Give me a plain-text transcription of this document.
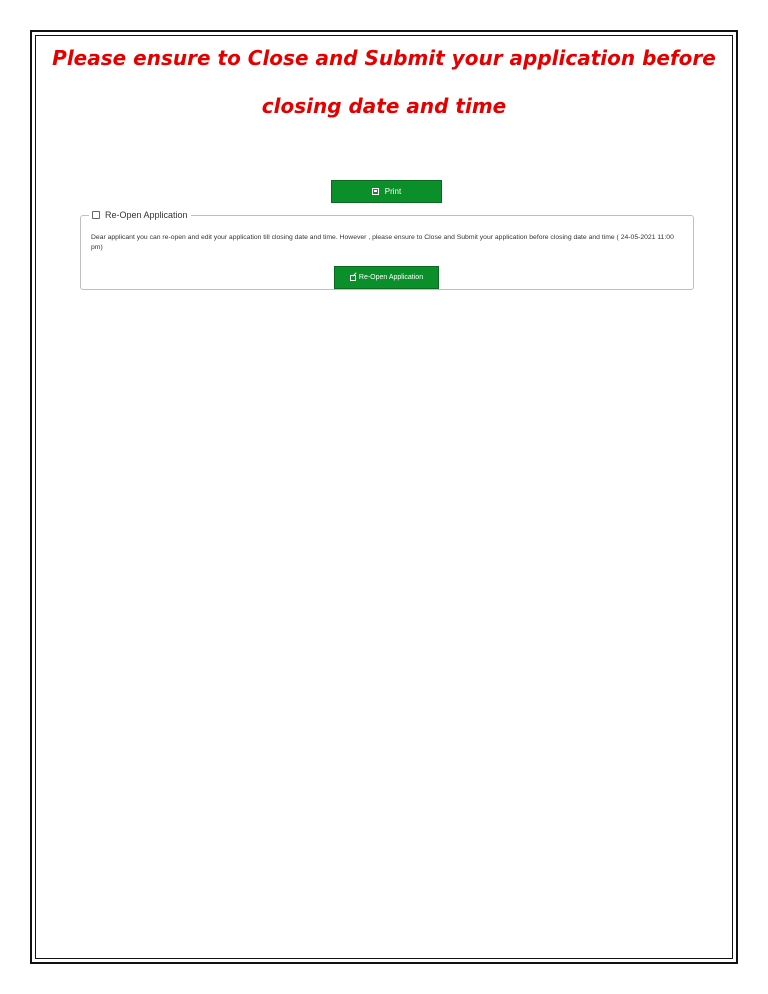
Please ensure to Close and Submit your application before
closing date and time
Print
Re-Open Application
Dear applicant you can re-open and edit your application till closing date and time. However , please ensure to Close and Submit your application before closing date and time ( 24-05-2021 11:00 pm)
Re-Open Application
